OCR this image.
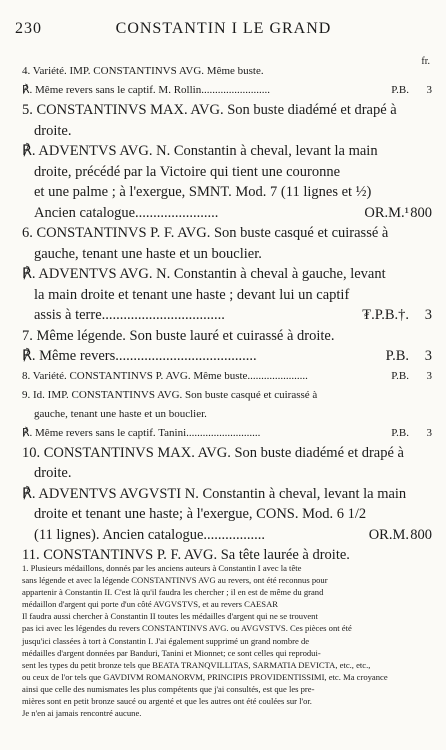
230	CONSTANTIN I LE GRAND
fr.
4. Variété. IMP. CONSTANTINVS AVG. Même buste.
℟. Même revers sans le captif. M. Rollin.........................	P.B. 3
5. CONSTANTINVS MAX. AVG. Son buste diadémé et drapé à
droite.
℟. ADVENTVS AVG. N. Constantin à cheval, levant la main
droite, précédé par la Victoire qui tient une couronne
et une palme ; à l'exergue, SMNT. Mod. 7 (11 lignes et ½)
Ancien catalogue.......................	OR.M.¹ 800
6. CONSTANTINVS P. F. AVG. Son buste casqué et cuirassé à
gauche, tenant une haste et un bouclier.
℟. ADVENTVS AVG. N. Constantin à cheval à gauche, levant
la main droite et tenant une haste ; devant lui un captif
assis à terre..................................	₮.P.B.†. 3
7. Même légende. Son buste lauré et cuirassé à droite.
℟. Même revers.......................................	P.B. 3
8. Variété. CONSTANTINVS P. AVG. Même buste......................	P.B. 3
9. Id. IMP. CONSTANTINVS AVG. Son buste casqué et cuirassé à
gauche, tenant une haste et un bouclier.
℟. Même revers sans le captif. Tanini...........................	P.B. 3
10. CONSTANTINVS MAX. AVG. Son buste diadémé et drapé à
droite.
℟. ADVENTVS AVGVSTI N. Constantin à cheval, levant la main
droite et tenant une haste; à l'exergue, CONS. Mod. 6 1/2
(11 lignes). Ancien catalogue.................	OR.M. 800
11. CONSTANTINVS P. F. AVG. Sa tête laurée à droite.
1. Plusieurs médaillons, donnés par les anciens auteurs à Constantin I avec la tête
sans légende et avec la légende CONSTANTINVS AVG au revers, ont été reconnus pour
appartenir à Constantin II. C'est là qu'il faudra les chercher ; il en est de même du grand
médaillon d'argent qui porte d'un côté AVGVSTVS, et au revers CAESAR
Il faudra aussi chercher à Constantin II toutes les médailles d'argent qui ne se trouvent
pas ici avec les légendes du revers CONSTANTINVS AVG. ou AVGVSTVS. Ces pièces ont été
jusqu'ici classées à tort à Constantin I. J'ai également supprimé un grand nombre de
médailles d'argent données par Banduri, Tanini et Mionnet; ce sont celles qui reprodui-
sent les types du petit bronze tels que BEATA TRANQVILLITAS, SARMATIA DEVICTA, etc., etc.,
ou ceux de l'or tels que GAVDIVM ROMANORVM, PRINCIPIS PROVIDENTISSIMI, etc. Ma croyance
ainsi que celle des numismates les plus compétents que j'ai consultés, est que les pre-
mières sont en petit bronze saucé ou argenté et que les autres ont été coulées sur l'or.
Je n'en ai jamais rencontré aucune.
